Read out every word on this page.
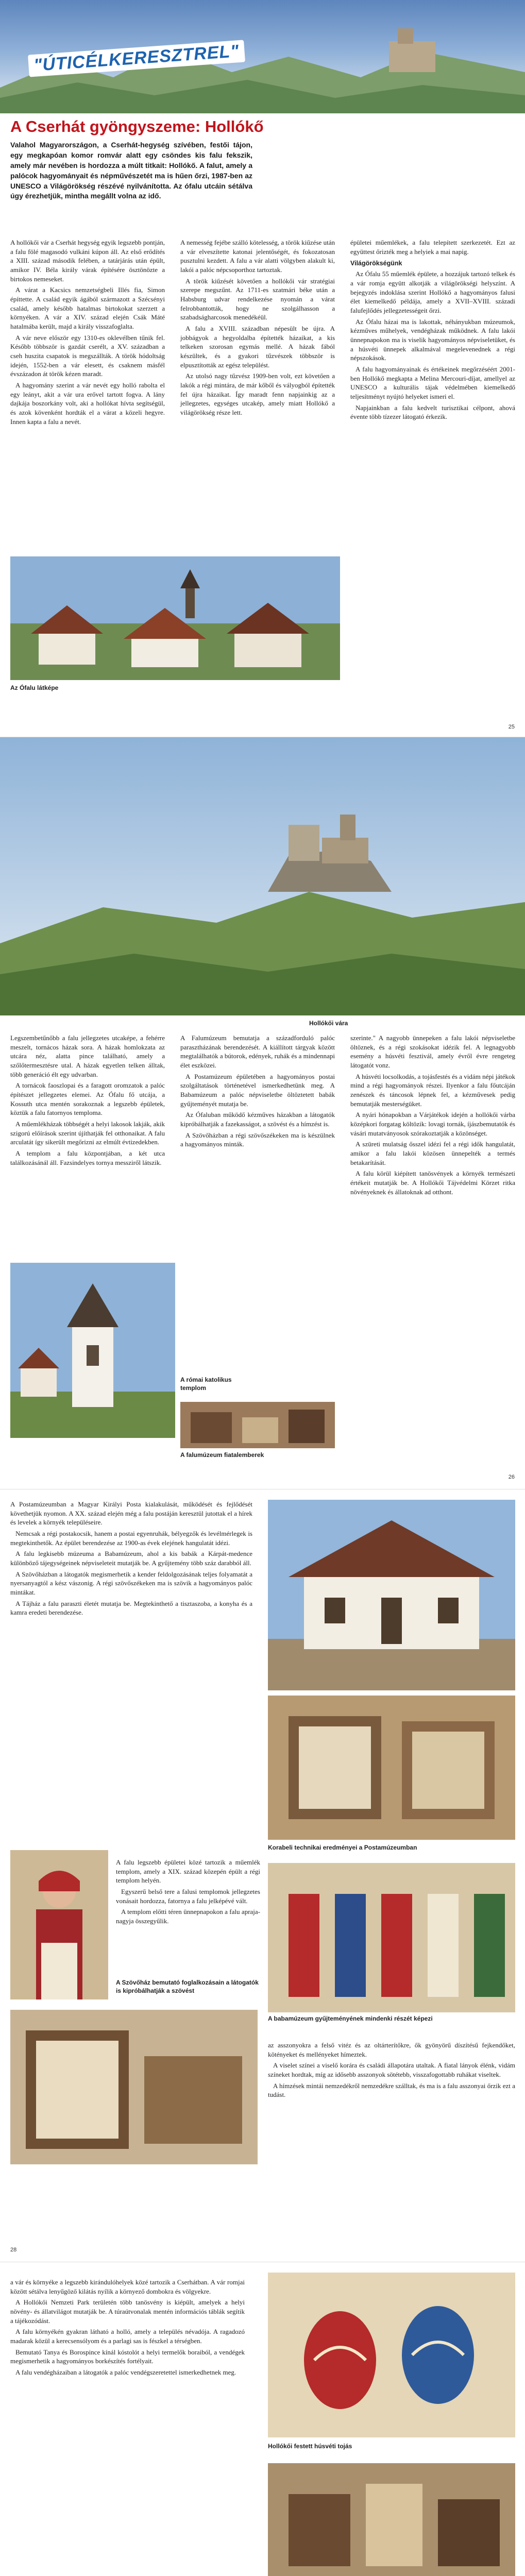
"ÚTICÉLKERESZTREL"
A Cserhát gyöngyszeme: Hollókő
Valahol Magyarországon, a Cserhát-hegység szívében, festői tájon, egy megkapóan komor romvár alatt egy csöndes kis falu fekszik, amely már nevében is hordozza a múlt titkait: Hollókő. A falut, amely a palócok hagyományait és népművészetét ma is hűen őrzi, 1987-ben az UNESCO a Világörökség részévé nyilvánította. Az ófalu utcáin sétálva úgy érezhetjük, mintha megállt volna az idő.

A hollókői vár a Cserhát hegység egyik legszebb pontján, a falu fölé magasodó vulkáni kúpon áll. Az első erődítés a XIII. század második felében, a tatárjárás után épült, amikor IV. Béla király várak építésére ösztönözte a birtokos nemeseket.

A várat a Kacsics nemzetségbeli Illés fia, Simon építtette. A család egyik ágából származott a Szécsényi család, amely később hatalmas birtokokat szerzett a környéken. A vár a XIV. század elején Csák Máté hatalmába került, majd a király visszafoglalta.

A vár neve először egy 1310-es oklevélben tűnik fel. Később többször is gazdát cserélt, a XV. században a cseh huszita csapatok is megszállták. A török hódoltság idején, 1552-ben a vár elesett, és csaknem másfél évszázadon át török kézen maradt.

A hagyomány szerint a vár nevét egy holló rabolta el egy leányt, akit a vár ura erővel tartott fogva. A lány dajkája boszorkány volt, aki a hollókat hívta segítségül, és azok kövenként hordták el a várat a közeli hegyre. Innen kapta a falu a nevét.

A nemesség fejébe szálló kötelesség, a török kiűzése után a vár elveszítette katonai jelentőségét, és fokozatosan pusztulni kezdett. A falu a vár alatti völgyben alakult ki, lakói a palóc népcsoporthoz tartoztak.

A török kiűzését követően a hollókői vár stratégiai szerepe megszűnt. Az 1711-es szatmári béke után a Habsburg udvar rendelkezése nyomán a várat felrobbantották, hogy ne szolgálhasson a szabadságharcosok menedékéül.

A falu a XVIII. században népesült be újra. A jobbágyok a hegyoldalba építették házaikat, a kis telkeken szorosan egymás mellé. A házak fából készültek, és a gyakori tűzvészek többször is elpusztították az egész települést.

Az utolsó nagy tűzvész 1909-ben volt, ezt követően a lakók a régi mintára, de már kőből és vályogból építették fel újra házaikat. Így maradt fenn napjainkig az a jellegzetes, egységes utcakép, amely miatt Hollókő a világörökség része lett.

épületei műemlékek, a falu telepített szerkezetét. Ezt az együttest őrizték meg a helyiek a mai napig.

Világörökségünk

Az Ófalu 55 műemlék épülete, a hozzájuk tartozó telkek és a vár romja együtt alkotják a világörökségi helyszínt. A bejegyzés indoklása szerint Hollókő a hagyományos falusi élet kiemelkedő példája, amely a XVII–XVIII. századi falufejlődés jellegzetességeit őrzi.

Az Ófalu házai ma is lakottak, néhányukban múzeumok, kézműves műhelyek, vendégházak működnek. A falu lakói ünnepnapokon ma is viselik hagyományos népviseletüket, és a húsvéti ünnepek alkalmával megelevenednek a régi népszokások.

A falu hagyományainak és értékeinek megőrzéséért 2001-ben Hollókő megkapta a Melina Mercouri-díjat, amellyel az UNESCO a kulturális tájak védelmében kiemelkedő teljesítményt nyújtó helyeket ismeri el.

Napjainkban a falu kedvelt turisztikai célpont, ahová évente több tízezer látogató érkezik.

Az Ófalu látképe
25
Hollókői vára

Legszembetűnőbb a falu jellegzetes utcaképe, a fehérre meszelt, tornácos házak sora. A házak homlokzata az utcára néz, alatta pince található, amely a szőlőtermesztésre utal. A házak egyetlen telken álltak, több generáció élt egy udvarban.

A tornácok faoszlopai és a faragott oromzatok a palóc építészet jellegzetes elemei. Az Ófalu fő utcája, a Kossuth utca mentén sorakoznak a legszebb épületek, köztük a falu fatornyos temploma.

A műemlékházak többségét a helyi lakosok lakják, akik szigorú előírások szerint újíthatják fel otthonaikat. A falu arculatát így sikerült megőrizni az elmúlt évtizedekben.

A templom a falu központjában, a két utca találkozásánál áll. Fazsindelyes tornya messziről látszik.

A Falumúzeum bemutatja a századforduló palóc parasztházának berendezését. A kiállított tárgyak között megtalálhatók a bútorok, edények, ruhák és a mindennapi élet eszközei.

A Postamúzeum épületében a hagyományos postai szolgáltatások történetével ismerkedhetünk meg. A Babamúzeum a palóc népviseletbe öltöztetett babák gyűjteményét mutatja be.

Az Ófaluban működő kézműves házakban a látogatók kipróbálhatják a fazekasságot, a szövést és a hímzést is.

A Szövőházban a régi szövőszékeken ma is készülnek a hagyományos minták.

szerinte." A nagyobb ünnepeken a falu lakói népviseletbe öltöznek, és a régi szokásokat idézik fel. A legnagyobb esemény a húsvéti fesztivál, amely évről évre rengeteg látogatót vonz.

A húsvéti locsolkodás, a tojásfestés és a vidám népi játékok mind a régi hagyományok részei. Ilyenkor a falu főutcáján zenészek és táncosok lépnek fel, a kézművesek pedig bemutatják mesterségüket.

A nyári hónapokban a Várjátékok idején a hollókői várba középkori forgatag költözik: lovagi tornák, íjászbemutatók és vásári mutatványosok szórakoztatják a közönséget.

A szüreti mulatság ősszel idézi fel a régi idők hangulatát, amikor a falu lakói közösen ünnepelték a termés betakarítását.

A falu körül kiépített tanösvények a környék természeti értékeit mutatják be. A Hollókői Tájvédelmi Körzet ritka növényeknek és állatoknak ad otthont.

A római katolikus templom
A falumúzeum fiatalemberek
26

A Postamúzeumban a Magyar Királyi Posta kialakulását, működését és fejlődését követhetjük nyomon. A XX. század elején még a falu postáján keresztül jutottak el a hírek és levelek a környék településeire.

Nemcsak a régi postakocsik, hanem a postai egyenruhák, bélyegzők és levélmérlegek is megtekinthetők. Az épület berendezése az 1900-as évek elejének hangulatát idézi.

A falu legkisebb múzeuma a Babamúzeum, ahol a kis babák a Kárpát-medence különböző tájegységeinek népviseleteit mutatják be. A gyűjtemény több száz darabból áll.

A Szövőházban a látogatók megismerhetik a kender feldolgozásának teljes folyamatát a nyersanyagtól a kész vászonig. A régi szövőszékeken ma is szövik a hagyományos palóc mintákat.

A Tájház a falu paraszti életét mutatja be. Megtekinthető a tisztaszoba, a konyha és a kamra eredeti berendezése.

Korabeli technikai eredményei a Postamúzeumban

A falu legszebb épületei közé tartozik a műemlék templom, amely a XIX. század közepén épült a régi templom helyén.

Egyszerű belső tere a falusi templomok jellegzetes vonásait hordozza, fatornya a falu jelképévé vált.

A templom előtti téren ünnepnapokon a falu apraja-nagyja összegyűlik.

A babamúzeum gyűjteményének mindenki részét képezi
A Szövőház bemutató foglalkozásain a látogatók is kipróbálhatják a szövést

az asszonyokra a felső vitéz és az oltárterítőkre, ők gyönyörű díszítésű fejkendőket, kötényeket és mellényeket hímeztek.

A viselet színei a viselő korára és családi állapotára utaltak. A fiatal lányok élénk, vidám színeket hordtak, míg az idősebb asszonyok sötétebb, visszafogottabb ruhákat viseltek.

A hímzések mintái nemzedékről nemzedékre szálltak, és ma is a falu asszonyai őrzik ezt a tudást.

28

a vár és környéke a legszebb kirándulóhelyek közé tartozik a Cserhátban. A vár romjai között sétálva lenyűgöző kilátás nyílik a környező dombokra és völgyekre.

A Hollókői Nemzeti Park területén több tanösvény is kiépült, amelyek a helyi növény- és állatvilágot mutatják be. A túraútvonalak mentén információs táblák segítik a tájékozódást.

A falu környékén gyakran látható a holló, amely a település névadója. A ragadozó madarak közül a kerecsensólyom és a parlagi sas is fészkel a térségben.

Bemutató Tanya és Borospince kínál kóstolót a helyi termelők boraiból, a vendégek megismerhetik a hagyományos borkészítés fortélyait.

A falu vendégházaiban a látogatók a palóc vendégszeretettel ismerkedhetnek meg.

Hollókői festett húsvéti tojás
